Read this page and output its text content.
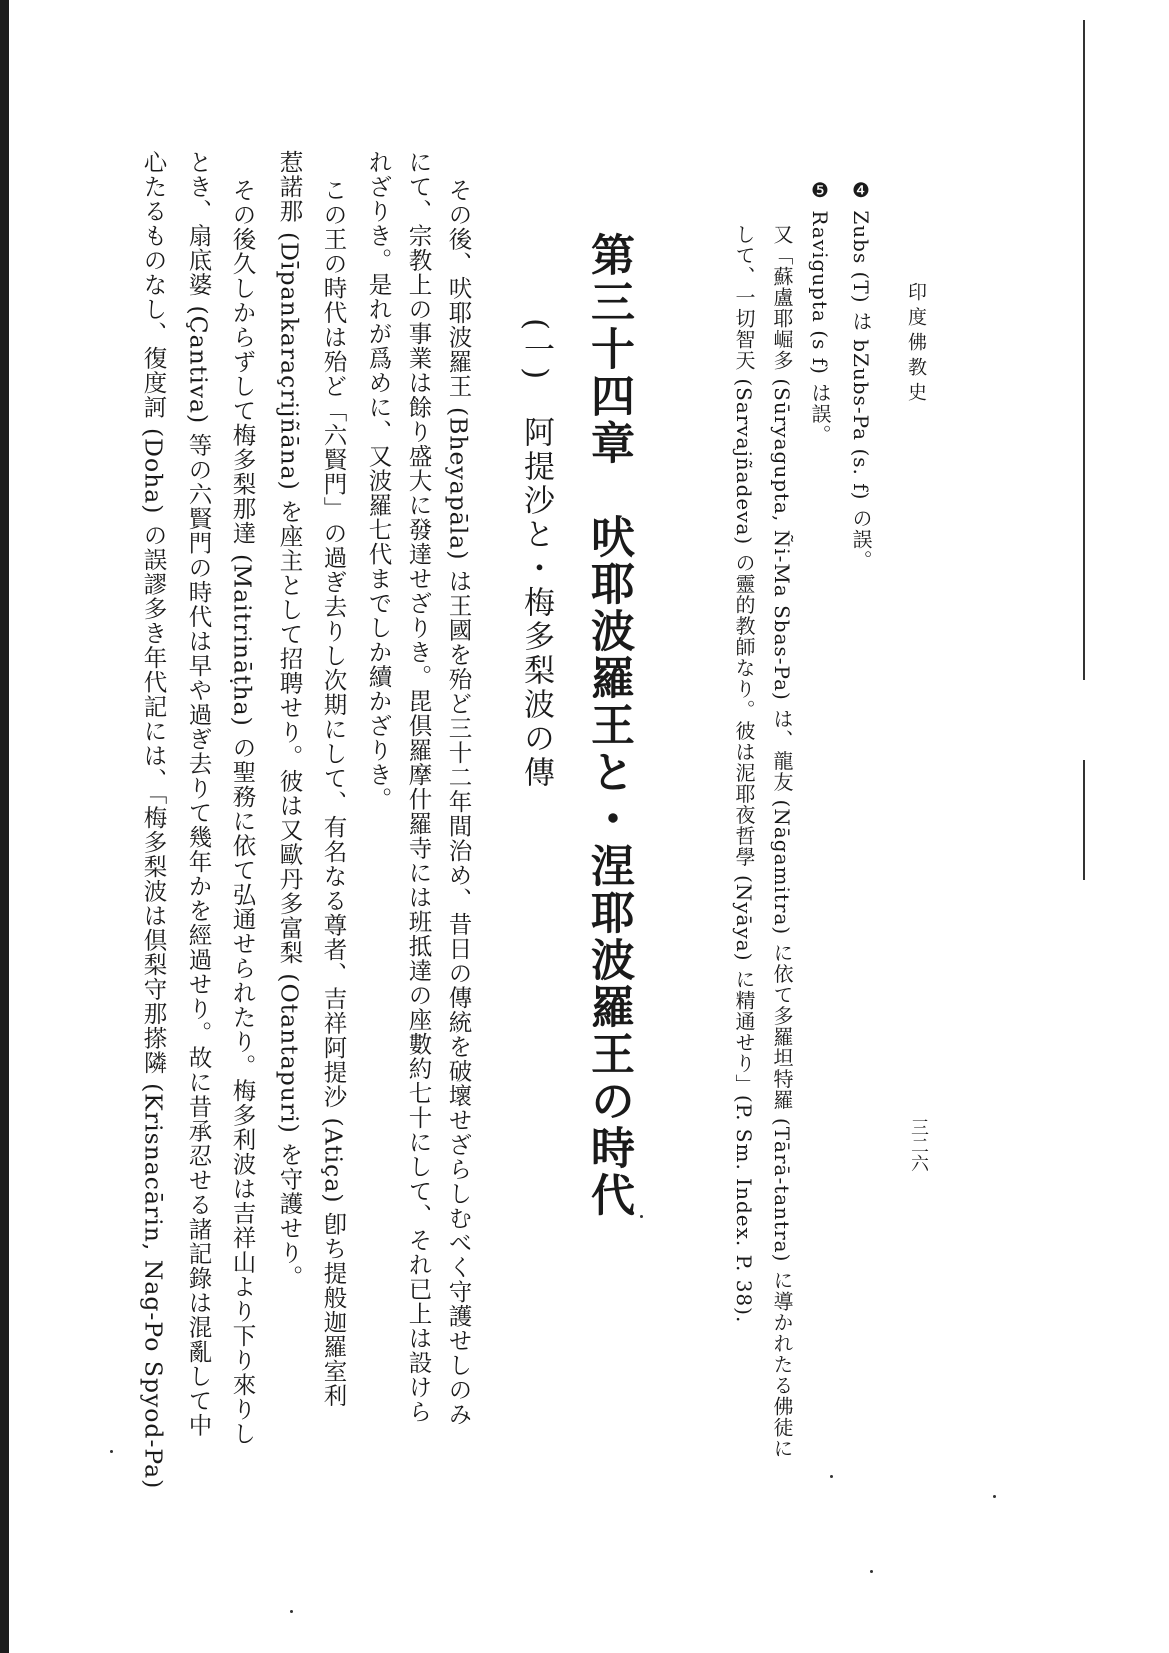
印度佛教史
三二六
❹ Zubs (T) は bZubs-Pa (s. f) の誤。
❺ Ravigupta (s f) は誤。
又「蘇盧耶崛多 (Sūryagupta, Ñi-Ma Sbas-Pa) は、龍友 (Nāgamitra) に依て多羅坦特羅 (Tārā-tantra) に導かれたる佛徒に
して、一切智天 (Sarvajñadeva) の靈的教師なり。彼は泥耶夜哲學 (Nyāya) に精通せり」(P. Sm. Index. P. 38).
第三十四章　吠耶波羅王と・涅耶波羅王の時代
(一)　阿提沙と・梅多梨波の傳
その後、吠耶波羅王 (Bheyapāla) は王國を殆ど三十二年間治め、昔日の傳統を破壞せざらしむべく守護せしのみ
にて、宗教上の事業は餘り盛大に發達せざりき。毘倶羅摩什羅寺には班抵達の座數約七十にして、それ已上は設けら
れざりき。是れが爲めに、又波羅七代までしか續かざりき。
この王の時代は殆ど「六賢門」の過ぎ去りし次期にして、有名なる尊者、吉祥阿提沙 (Atiça) 卽ち提般迦羅室利
惹諾那 (Dīpankaraçrijñāna) を座主として招聘せり。彼は又歐丹多富梨 (Otantapuri) を守護せり。
その後久しからずして梅多梨那達 (Maitrināṭha) の聖務に依て弘通せられたり。梅多利波は吉祥山より下り來りし
とき、扇底婆 (Çantiva) 等の六賢門の時代は早や過ぎ去りて幾年かを經過せり。故に昔承忍せる諸記錄は混亂して中
心たるものなし、復度訶 (Doha) の誤謬多き年代記には、「梅多梨波は倶梨守那搽隣 (Krisnacārin, Nag-Po Spyod-Pa)
